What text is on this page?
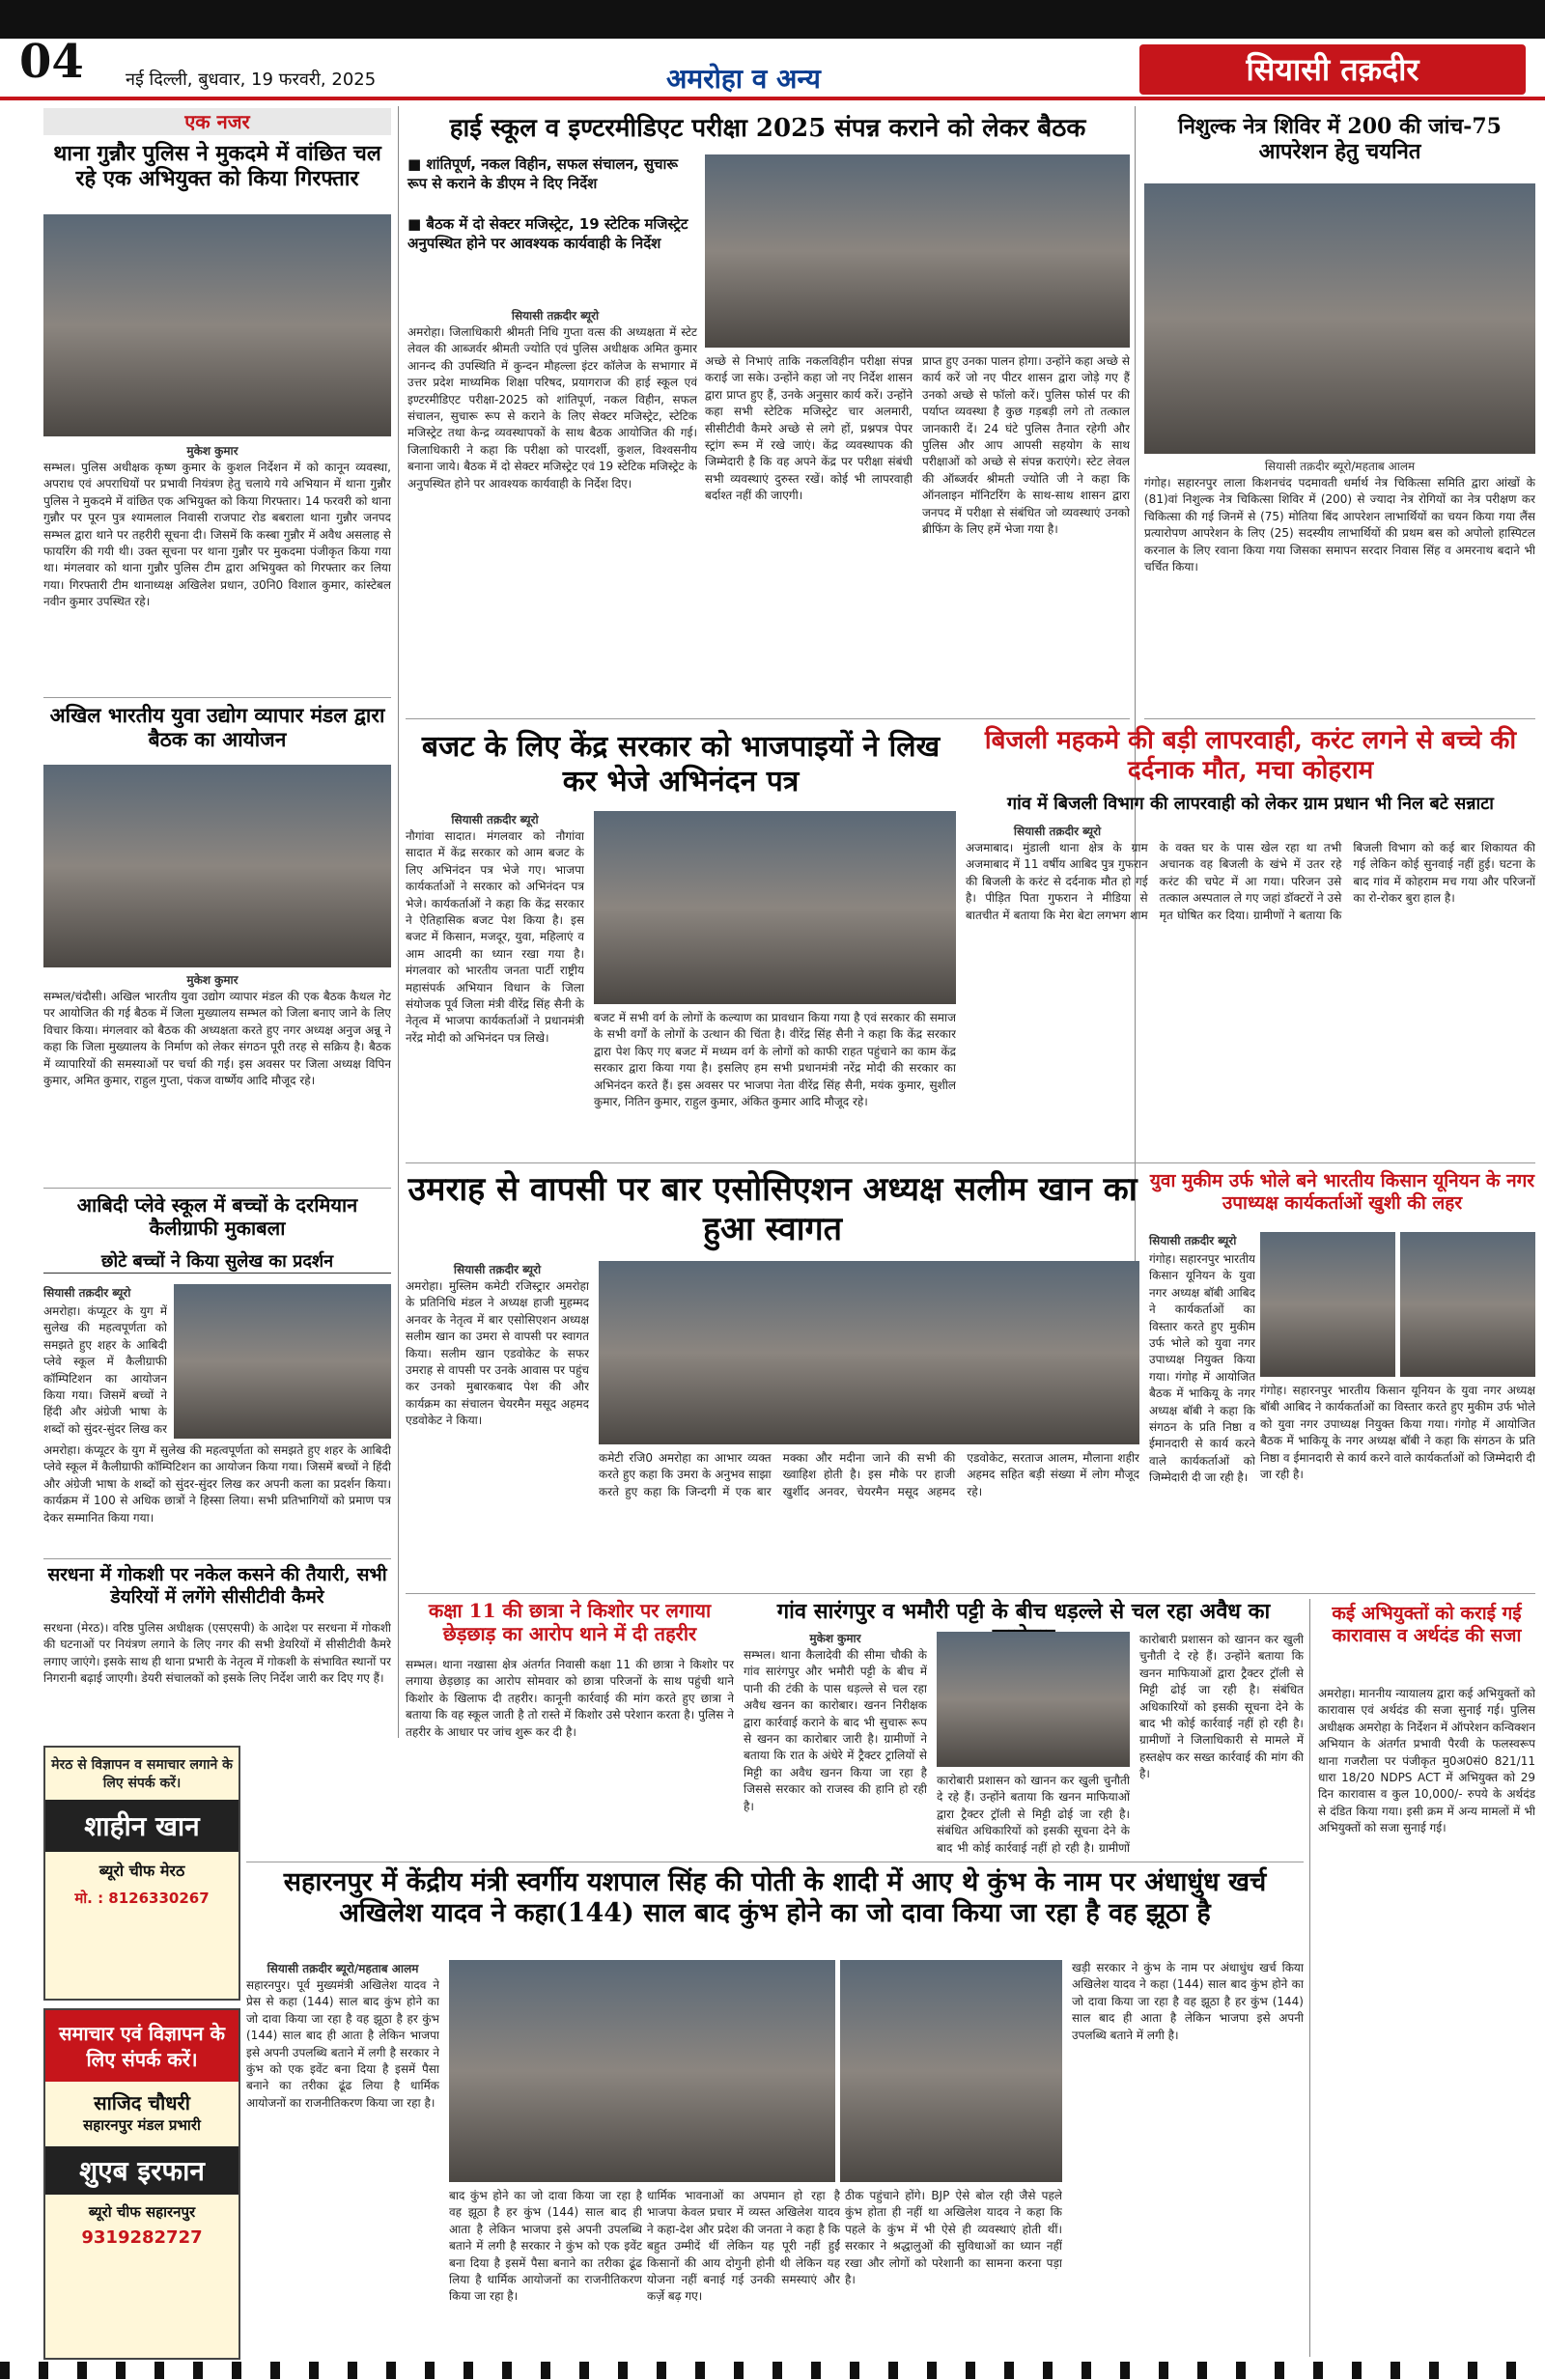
04 नई दिल्ली, बुधवार, 19 फरवरी, 2025	अमरोहा व अन्य	सियासी तक़दीर
एक नजर
थाना गुन्नौर पुलिस ने मुकदमे में वांछित चल रहे एक अभियुक्त को किया गिरफ्तार
मुकेश कुमार
सम्भल। पुलिस अधीक्षक कृष्ण कुमार के कुशल निर्देशन में को कानून व्यवस्था, अपराध एवं अपराधियों पर प्रभावी नियंत्रण हेतु चलाये गये अभियान में थाना गुन्नौर पुलिस ने मुकदमे में वांछित एक अभियुक्त को किया गिरफ्तार। 14 फरवरी को थाना गुन्नौर पर पूरन पुत्र श्यामलाल निवासी राजपाट रोड बबराला थाना गुन्नौर जनपद सम्भल द्वारा थाने पर तहरीरी सूचना दी। जिसमें कि कस्बा गुन्नौर में अवैध असलाह से फायरिंग की गयी थी। उक्त सूचना पर थाना गुन्नौर पर मुकदमा पंजीकृत किया गया था। मंगलवार को थाना गुन्नौर पुलिस टीम द्वारा अभियुक्त को गिरफ्तार कर लिया गया। गिरफ्तारी टीम थानाध्यक्ष अखिलेश प्रधान, उ0नि0 विशाल कुमार, कांस्टेबल नवीन कुमार उपस्थित रहे।
अखिल भारतीय युवा उद्योग व्यापार मंडल द्वारा बैठक का आयोजन
मुकेश कुमार
सम्भल/चंदौसी। अखिल भारतीय युवा उद्योग व्यापार मंडल की एक बैठक कैथल गेट पर आयोजित की गई बैठक में जिला मुख्यालय सम्भल को जिला बनाए जाने के लिए विचार किया। मंगलवार को बैठक की अध्यक्षता करते हुए नगर अध्यक्ष अनुज अन्नू ने कहा कि जिला मुख्यालय के निर्माण को लेकर संगठन पूरी तरह से सक्रिय है। बैठक में व्यापारियों की समस्याओं पर चर्चा की गई। इस अवसर पर जिला अध्यक्ष विपिन कुमार, अमित कुमार, राहुल गुप्ता, पंकज वार्ष्णेय आदि मौजूद रहे।
आबिदी प्लेवे स्कूल में बच्चों के दरमियान कैलीग्राफी मुकाबला
छोटे बच्चों ने किया सुलेख का प्रदर्शन
सियासी तक़दीर ब्यूरो
अमरोहा। कंप्यूटर के युग में सुलेख की महत्वपूर्णता को समझते हुए शहर के आबिदी प्लेवे स्कूल में कैलीग्राफी कॉम्पिटिशन का आयोजन किया गया। जिसमें बच्चों ने हिंदी और अंग्रेजी भाषा के शब्दों को सुंदर-सुंदर लिख कर
अमरोहा। कंप्यूटर के युग में सुलेख की महत्वपूर्णता को समझते हुए शहर के आबिदी प्लेवे स्कूल में कैलीग्राफी कॉम्पिटिशन का आयोजन किया गया। जिसमें बच्चों ने हिंदी और अंग्रेजी भाषा के शब्दों को सुंदर-सुंदर लिख कर अपनी कला का प्रदर्शन किया। कार्यक्रम में 100 से अधिक छात्रों ने हिस्सा लिया। सभी प्रतिभागियों को प्रमाण पत्र देकर सम्मानित किया गया।
सरधना में गोकशी पर नकेल कसने की तैयारी, सभी डेयरियों में लगेंगे सीसीटीवी कैमरे
सरधना (मेरठ)। वरिष्ठ पुलिस अधीक्षक (एसएसपी) के आदेश पर सरधना में गोकशी की घटनाओं पर नियंत्रण लगाने के लिए नगर की सभी डेयरियों में सीसीटीवी कैमरे लगाए जाएंगे। इसके साथ ही थाना प्रभारी के नेतृत्व में गोकशी के संभावित स्थानों पर निगरानी बढ़ाई जाएगी। डेयरी संचालकों को इसके लिए निर्देश जारी कर दिए गए हैं।
मेरठ से विज्ञापन व समाचार लगाने के लिए संपर्क करें।
शाहीन खान
ब्यूरो चीफ मेरठ
मो. : 8126330267
समाचार एवं विज्ञापन के लिए संपर्क करें।
साजिद चौधरी
सहारनपुर मंडल प्रभारी
शुएब इरफान
ब्यूरो चीफ सहारनपुर
9319282727
हाई स्कूल व इण्टरमीडिएट परीक्षा 2025 संपन्न कराने को लेकर बैठक
■ शांतिपूर्ण, नकल विहीन, सफल संचालन, सुचारू रूप से कराने के डीएम ने दिए निर्देश
■ बैठक में दो सेक्टर मजिस्ट्रेट, 19 स्टेटिक मजिस्ट्रेट अनुपस्थित होने पर आवश्यक कार्यवाही के निर्देश
सियासी तक़दीर ब्यूरो
अमरोहा। जिलाधिकारी श्रीमती निधि गुप्ता वत्स की अध्यक्षता में स्टेट लेवल की आब्जर्वर श्रीमती ज्योति एवं पुलिस अधीक्षक अमित कुमार आनन्द की उपस्थिति में कुन्दन मौहल्ला इंटर कॉलेज के सभागार में उत्तर प्रदेश माध्यमिक शिक्षा परिषद, प्रयागराज की हाई स्कूल एवं इण्टरमीडिएट परीक्षा-2025 को शांतिपूर्ण, नकल विहीन, सफल संचालन, सुचारू रूप से कराने के लिए सेक्टर मजिस्ट्रेट, स्टेटिक मजिस्ट्रेट तथा केन्द्र व्यवस्थापकों के साथ बैठक आयोजित की गई। जिलाधिकारी ने कहा कि परीक्षा को पारदर्शी, कुशल, विश्वसनीय बनाना जाये। बैठक में दो सेक्टर मजिस्ट्रेट एवं 19 स्टेटिक मजिस्ट्रेट के अनुपस्थित होने पर आवश्यक कार्यवाही के निर्देश दिए।
अच्छे से निभाएं ताकि नकलविहीन परीक्षा संपन्न कराई जा सके। उन्होंने कहा जो नए निर्देश शासन द्वारा प्राप्त हुए हैं, उनके अनुसार कार्य करें। उन्होंने कहा सभी स्टेटिक मजिस्ट्रेट चार अलमारी, सीसीटीवी कैमरे अच्छे से लगे हों, प्रश्नपत्र पेपर स्ट्रांग रूम में रखे जाएं। केंद्र व्यवस्थापक की जिम्मेदारी है कि वह अपने केंद्र पर परीक्षा संबंधी सभी व्यवस्थाएं दुरुस्त रखें। कोई भी लापरवाही बर्दाश्त नहीं की जाएगी।
प्राप्त हुए उनका पालन होगा। उन्होंने कहा अच्छे से कार्य करें जो नए पीटर शासन द्वारा जोड़े गए हैं उनको अच्छे से फॉलो करें। पुलिस फोर्स पर की पर्याप्त व्यवस्था है कुछ गड़बड़ी लगे तो तत्काल जानकारी दें। 24 घंटे पुलिस तैनात रहेगी और पुलिस और आप आपसी सहयोग के साथ परीक्षाओं को अच्छे से संपन्न कराएंगे। स्टेट लेवल की ऑब्जर्वर श्रीमती ज्योति जी ने कहा कि ऑनलाइन मॉनिटरिंग के साथ-साथ शासन द्वारा जनपद में परीक्षा से संबंधित जो व्यवस्थाएं उनको ब्रीफिंग के लिए हमें भेजा गया है।
निशुल्क नेत्र शिविर में 200 की जांच-75 आपरेशन हेतु चयनित
सियासी तक़दीर ब्यूरो/महताब आलम
गंगोह। सहारनपुर लाला किशनचंद पदमावती धर्मार्थ नेत्र चिकित्सा समिति द्वारा आंखों के (81)वां निशुल्क नेत्र चिकित्सा शिविर में (200) से ज्यादा नेत्र रोगियों का नेत्र परीक्षण कर चिकित्सा की गई जिनमें से (75) मोतिया बिंद आपरेशन लाभार्थियों का चयन किया गया लैंस प्रत्यारोपण आपरेशन के लिए (25) सदस्यीय लाभार्थियों की प्रथम बस को अपोलो हास्पिटल करनाल के लिए रवाना किया गया जिसका समापन सरदार निवास सिंह व अमरनाथ बदाने भी चर्चित किया।
बजट के लिए केंद्र सरकार को भाजपाइयों ने लिख कर भेजे अभिनंदन पत्र
सियासी तक़दीर ब्यूरो
नौगांवा सादात। मंगलवार को नौगांवा सादात में केंद्र सरकार को आम बजट के लिए अभिनंदन पत्र भेजे गए। भाजपा कार्यकर्ताओं ने सरकार को अभिनंदन पत्र भेजे। कार्यकर्ताओं ने कहा कि केंद्र सरकार ने ऐतिहासिक बजट पेश किया है। इस बजट में किसान, मजदूर, युवा, महिलाएं व आम आदमी का ध्यान रखा गया है। मंगलवार को भारतीय जनता पार्टी राष्ट्रीय महासंपर्क अभियान विधान के जिला संयोजक पूर्व जिला मंत्री वीरेंद्र सिंह सैनी के नेतृत्व में भाजपा कार्यकर्ताओं ने प्रधानमंत्री नरेंद्र मोदी को अभिनंदन पत्र लिखे।
बजट में सभी वर्ग के लोगों के कल्याण का प्रावधान किया गया है एवं सरकार की समाज के सभी वर्गों के लोगों के उत्थान की चिंता है। वीरेंद्र सिंह सैनी ने कहा कि केंद्र सरकार द्वारा पेश किए गए बजट में मध्यम वर्ग के लोगों को काफी राहत पहुंचाने का काम केंद्र सरकार द्वारा किया गया है। इसलिए हम सभी प्रधानमंत्री नरेंद्र मोदी की सरकार का अभिनंदन करते हैं। इस अवसर पर भाजपा नेता वीरेंद्र सिंह सैनी, मयंक कुमार, सुशील कुमार, नितिन कुमार, राहुल कुमार, अंकित कुमार आदि मौजूद रहे।
बिजली महकमे की बड़ी लापरवाही, करंट लगने से बच्चे की दर्दनाक मौत, मचा कोहराम
गांव में बिजली विभाग की लापरवाही को लेकर ग्राम प्रधान भी निल बटे सन्नाटा
सियासी तक़दीर ब्यूरो
अजमाबाद। मुंडाली थाना क्षेत्र के ग्राम अजमाबाद में 11 वर्षीय आबिद पुत्र गुफरान की बिजली के करंट से दर्दनाक मौत हो गई है। पीड़ित पिता गुफरान ने मीडिया से बातचीत में बताया कि मेरा बेटा लगभग शाम के वक्त घर के पास खेल रहा था तभी अचानक वह बिजली के खंभे में उतर रहे करंट की चपेट में आ गया। परिजन उसे तत्काल अस्पताल ले गए जहां डॉक्टरों ने उसे मृत घोषित कर दिया। ग्रामीणों ने बताया कि बिजली विभाग को कई बार शिकायत की गई लेकिन कोई सुनवाई नहीं हुई। घटना के बाद गांव में कोहराम मच गया और परिजनों का रो-रोकर बुरा हाल है।
उमराह से वापसी पर बार एसोसिएशन अध्यक्ष सलीम खान का हुआ स्वागत
सियासी तक़दीर ब्यूरो
अमरोहा। मुस्लिम कमेटी रजिस्ट्रार अमरोहा के प्रतिनिधि मंडल ने अध्यक्ष हाजी मुहम्मद अनवर के नेतृत्व में बार एसोसिएशन अध्यक्ष सलीम खान का उमरा से वापसी पर स्वागत किया। सलीम खान एडवोकेट के सफर उमराह से वापसी पर उनके आवास पर पहुंच कर उनको मुबारकबाद पेश की और कार्यक्रम का संचालन चेयरमैन मसूद अहमद एडवोकेट ने किया।
कमेटी रजि0 अमरोहा का आभार व्यक्त करते हुए कहा कि उमरा के अनुभव साझा करते हुए कहा कि जिन्दगी में एक बार मक्का और मदीना जाने की सभी की ख्वाहिश होती है। इस मौके पर हाजी खुर्शीद अनवर, चेयरमैन मसूद अहमद एडवोकेट, सरताज आलम, मौलाना शहीर अहमद सहित बड़ी संख्या में लोग मौजूद रहे।
युवा मुकीम उर्फ भोले बने भारतीय किसान यूनियन के नगर उपाध्यक्ष कार्यकर्ताओं खुशी की लहर
सियासी तक़दीर ब्यूरो
गंगोह। सहारनपुर भारतीय किसान यूनियन के युवा नगर अध्यक्ष बॉबी आबिद ने कार्यकर्ताओं का विस्तार करते हुए मुकीम उर्फ भोले को युवा नगर उपाध्यक्ष नियुक्त किया गया। गंगोह में आयोजित बैठक में भाकियू के नगर अध्यक्ष बॉबी ने कहा कि संगठन के प्रति निष्ठा व ईमानदारी से कार्य करने वाले कार्यकर्ताओं को जिम्मेदारी दी जा रही है।
गंगोह। सहारनपुर भारतीय किसान यूनियन के युवा नगर अध्यक्ष बॉबी आबिद ने कार्यकर्ताओं का विस्तार करते हुए मुकीम उर्फ भोले को युवा नगर उपाध्यक्ष नियुक्त किया गया। गंगोह में आयोजित बैठक में भाकियू के नगर अध्यक्ष बॉबी ने कहा कि संगठन के प्रति निष्ठा व ईमानदारी से कार्य करने वाले कार्यकर्ताओं को जिम्मेदारी दी जा रही है।
कक्षा 11 की छात्रा ने किशोर पर लगाया छेड़छाड़ का आरोप थाने में दी तहरीर
सम्भल। थाना नखासा क्षेत्र अंतर्गत निवासी कक्षा 11 की छात्रा ने किशोर पर लगाया छेड़छाड़ का आरोप सोमवार को छात्रा परिजनों के साथ पहुंची थाने किशोर के खिलाफ दी तहरीर। कानूनी कार्रवाई की मांग करते हुए छात्रा ने बताया कि वह स्कूल जाती है तो रास्ते में किशोर उसे परेशान करता है। पुलिस ने तहरीर के आधार पर जांच शुरू कर दी है।
गांव सारंगपुर व भमौरी पट्टी के बीच धड़ल्ले से चल रहा अवैध का
मुकेश कुमार
सम्भल। थाना कैलादेवी की सीमा चौकी के गांव सारंगपुर और भमौरी पट्टी के बीच में पानी की टंकी के पास धड़ल्ले से चल रहा अवैध खनन का कारोबार। खनन निरीक्षक द्वारा कार्रवाई कराने के बाद भी सुचारू रूप से खनन का कारोबार जारी है। ग्रामीणों ने बताया कि रात के अंधेरे में ट्रैक्टर ट्रालियों से मिट्टी का अवैध खनन किया जा रहा है जिससे सरकार को राजस्व की हानि हो रही है।
कारोबारी प्रशासन को खानन कर खुली चुनौती दे रहे हैं। उन्होंने बताया कि खनन माफियाओं द्वारा ट्रैक्टर ट्रॉली से मिट्टी ढोई जा रही है। संबंधित अधिकारियों को इसकी सूचना देने के बाद भी कोई कार्रवाई नहीं हो रही है। ग्रामीणों
कारोबारी प्रशासन को खानन कर खुली चुनौती दे रहे हैं। उन्होंने बताया कि खनन माफियाओं द्वारा ट्रैक्टर ट्रॉली से मिट्टी ढोई जा रही है। संबंधित अधिकारियों को इसकी सूचना देने के बाद भी कोई कार्रवाई नहीं हो रही है। ग्रामीणों ने जिलाधिकारी से मामले में हस्तक्षेप कर सख्त कार्रवाई की मांग की है।
कई अभियुक्तों को कराई गई कारावास व अर्थदंड की सजा
अमरोहा। माननीय न्यायालय द्वारा कई अभियुक्तों को कारावास एवं अर्थदंड की सजा सुनाई गई। पुलिस अधीक्षक अमरोहा के निर्देशन में ऑपरेशन कन्विक्शन अभियान के अंतर्गत प्रभावी पैरवी के फलस्वरूप थाना गजरौला पर पंजीकृत मु0अ0सं0 821/11 धारा 18/20 NDPS ACT में अभियुक्त को 29 दिन कारावास व कुल 10,000/- रुपये के अर्थदंड से दंडित किया गया। इसी क्रम में अन्य मामलों में भी अभियुक्तों को सजा सुनाई गई।
सहारनपुर में केंद्रीय मंत्री स्वर्गीय यशपाल सिंह की पोती के शादी में आए थे कुंभ के नाम पर अंधाधुंध खर्च अखिलेश यादव ने कहा(144) साल बाद कुंभ होने का जो दावा किया जा रहा है वह झूठा है
सियासी तक़दीर ब्यूरो/महताब आलम
सहारनपुर। पूर्व मुख्यमंत्री अखिलेश यादव ने प्रेस से कहा (144) साल बाद कुंभ होने का जो दावा किया जा रहा है वह झूठा है हर कुंभ (144) साल बाद ही आता है लेकिन भाजपा इसे अपनी उपलब्धि बताने में लगी है सरकार ने कुंभ को एक इवेंट बना दिया है इसमें पैसा बनाने का तरीका ढूंढ लिया है धार्मिक आयोजनों का राजनीतिकरण किया जा रहा है।
बाद कुंभ होने का जो दावा किया जा रहा है वह झूठा है हर कुंभ (144) साल बाद ही आता है लेकिन भाजपा इसे अपनी उपलब्धि बताने में लगी है सरकार ने कुंभ को एक इवेंट बना दिया है इसमें पैसा बनाने का तरीका ढूंढ लिया है धार्मिक आयोजनों का राजनीतिकरण किया जा रहा है।
धार्मिक भावनाओं का अपमान हो रहा है भाजपा केवल प्रचार में व्यस्त अखिलेश यादव ने कहा-देश और प्रदेश की जनता ने कहा है कि बहुत उम्मीदें थीं लेकिन यह पूरी नहीं हुईं किसानों की आय दोगुनी होनी थी लेकिन यह योजना नहीं बनाई गई उनकी समस्याएं और कर्ज़े बढ़ गए।
ठीक पहुंचाने होंगे। BJP ऐसे बोल रही जैसे पहले कुंभ होता ही नहीं था अखिलेश यादव ने कहा कि पहले के कुंभ में भी ऐसे ही व्यवस्थाएं होती थीं। सरकार ने श्रद्धालुओं की सुविधाओं का ध्यान नहीं रखा और लोगों को परेशानी का सामना करना पड़ा है।
खड़ी सरकार ने कुंभ के नाम पर अंधाधुंध खर्च किया अखिलेश यादव ने कहा (144) साल बाद कुंभ होने का जो दावा किया जा रहा है वह झूठा है हर कुंभ (144) साल बाद ही आता है लेकिन भाजपा इसे अपनी उपलब्धि बताने में लगी है।
